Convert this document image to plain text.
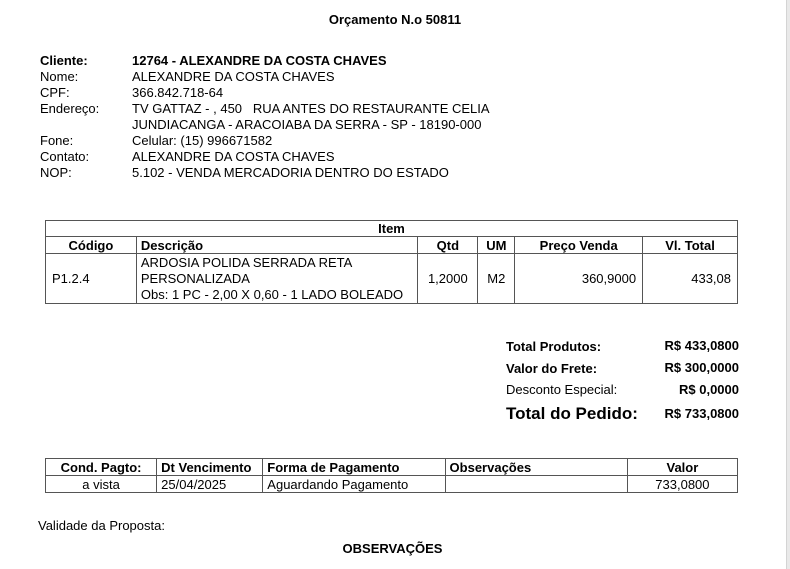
Orçamento N.o 50811
Cliente:	12764 - ALEXANDRE DA COSTA CHAVES
Nome:	ALEXANDRE DA COSTA CHAVES
CPF:	366.842.718-64
Endereço:	TV GATTAZ - , 450   RUA ANTES DO RESTAURANTE CELIA
JUNDIACANGA - ARACOIABA DA SERRA - SP - 18190-000
Fone:	Celular: (15) 996671582
Contato:	ALEXANDRE DA COSTA CHAVES
NOP:	5.102 - VENDA MERCADORIA DENTRO DO ESTADO
Item					
Código	Descrição	Qtd	UM	Preço Venda	Vl. Total
P1.2.4	ARDOSIA POLIDA SERRADA RETA
PERSONALIZADA
Obs: 1 PC - 2,00 X 0,60 - 1 LADO BOLEADO	1,2000	M2	360,9000	433,08
Total Produtos:	R$ 433,0800
Valor do Frete:	R$ 300,0000
Desconto Especial:	R$ 0,0000
Total do Pedido: R$ 733,0800
Cond. Pagto:	Dt Vencimento	Forma de Pagamento	Observações	Valor
a vista	25/04/2025	Aguardando Pagamento		733,0800
Validade da Proposta:
OBSERVAÇÕES
